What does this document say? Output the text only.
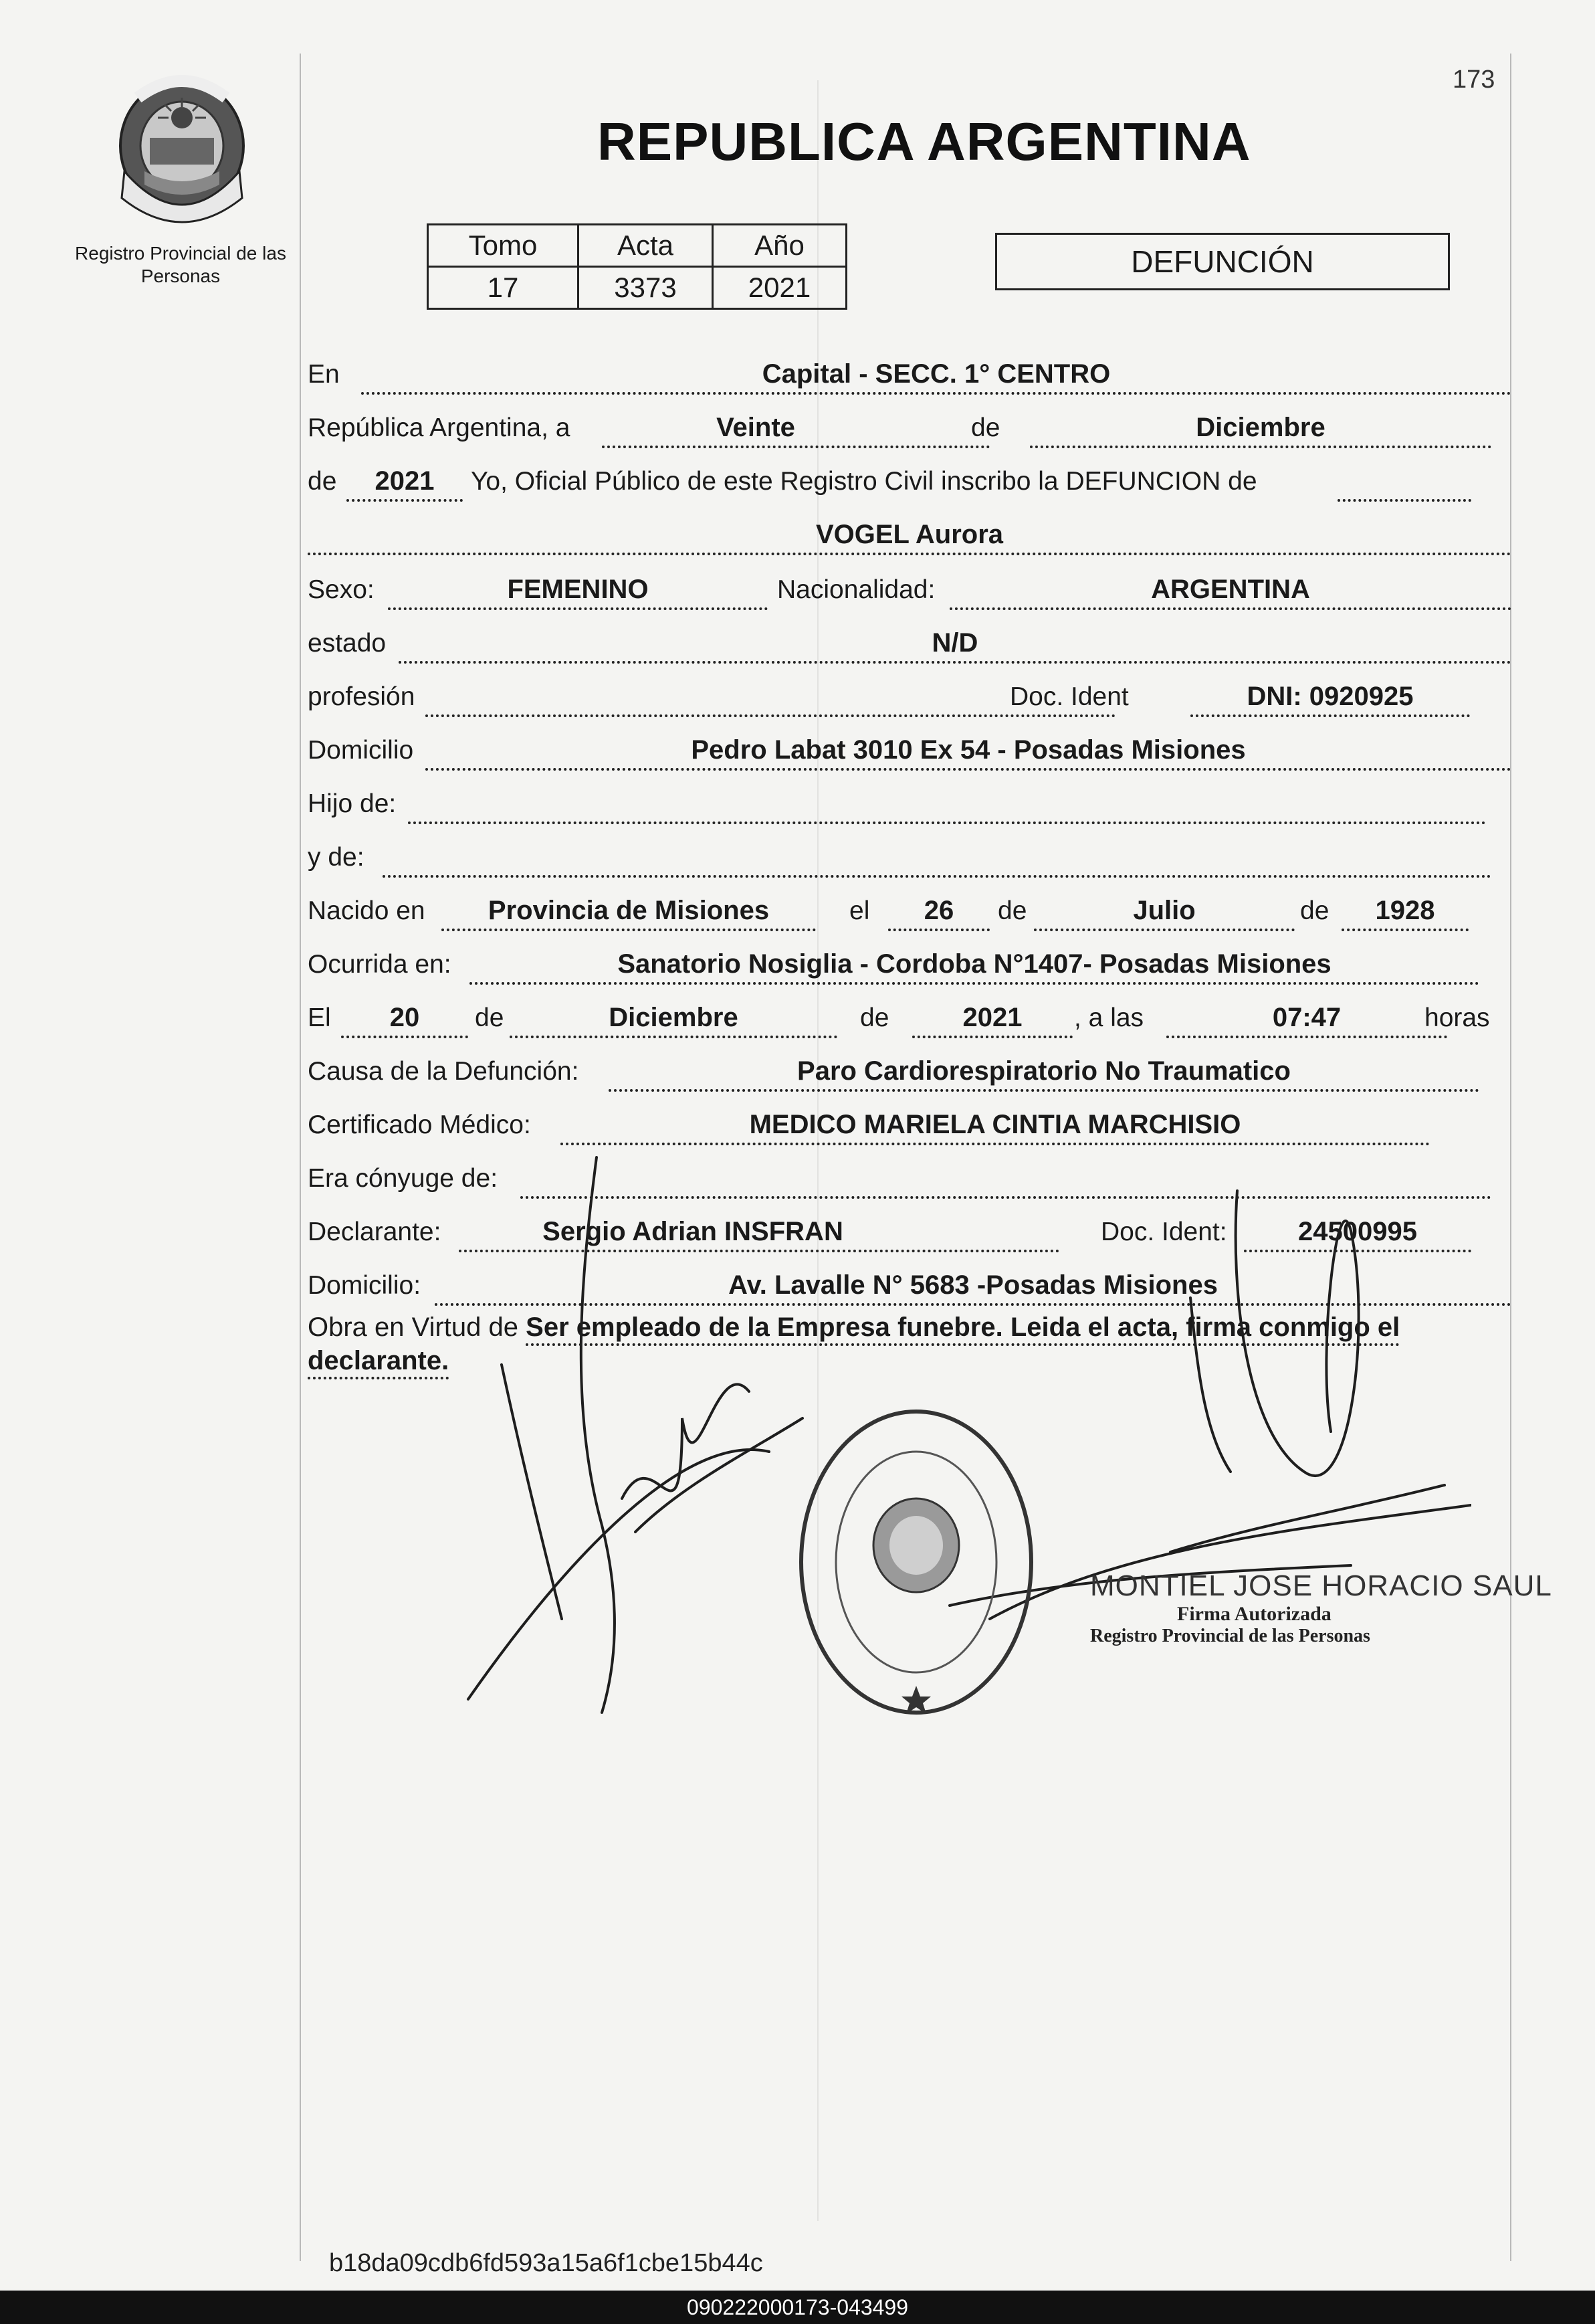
173
Registro Provincial de las Personas
REPUBLICA ARGENTINA
Tomo	Acta	Año
17	3373	2021
DEFUNCIÓN
En	Capital - SECC. 1° CENTRO
República Argentina, a	Veinte	de	Diciembre
de	2021	Yo, Oficial Público de este Registro Civil inscribo la DEFUNCION de
VOGEL Aurora
Sexo:	FEMENINO	Nacionalidad:	ARGENTINA
estado	N/D
profesión	Doc. Ident	DNI: 0920925
Domicilio	Pedro Labat 3010 Ex 54 - Posadas Misiones
Hijo de:
y de:
Nacido en	Provincia de Misiones	el	26	de	Julio	de	1928
Ocurrida en:	Sanatorio Nosiglia - Cordoba N°1407- Posadas Misiones
El	20	de	Diciembre	de	2021	, a las	07:47	horas
Causa de la Defunción:	Paro Cardiorespiratorio No Traumatico
Certificado Médico:	MEDICO MARIELA CINTIA MARCHISIO
Era cónyuge de:
Declarante:	Sergio Adrian INSFRAN	Doc. Ident:	24500995
Domicilio:	Av. Lavalle N° 5683 -Posadas Misiones
Obra en Virtud de Ser empleado de la Empresa funebre. Leida el acta, firma conmigo el
declarante.
MONTIEL JOSE HORACIO SAUL
Firma Autorizada
Registro Provincial de las Personas
b18da09cdb6fd593a15a6f1cbe15b44c
090222000173-043499
